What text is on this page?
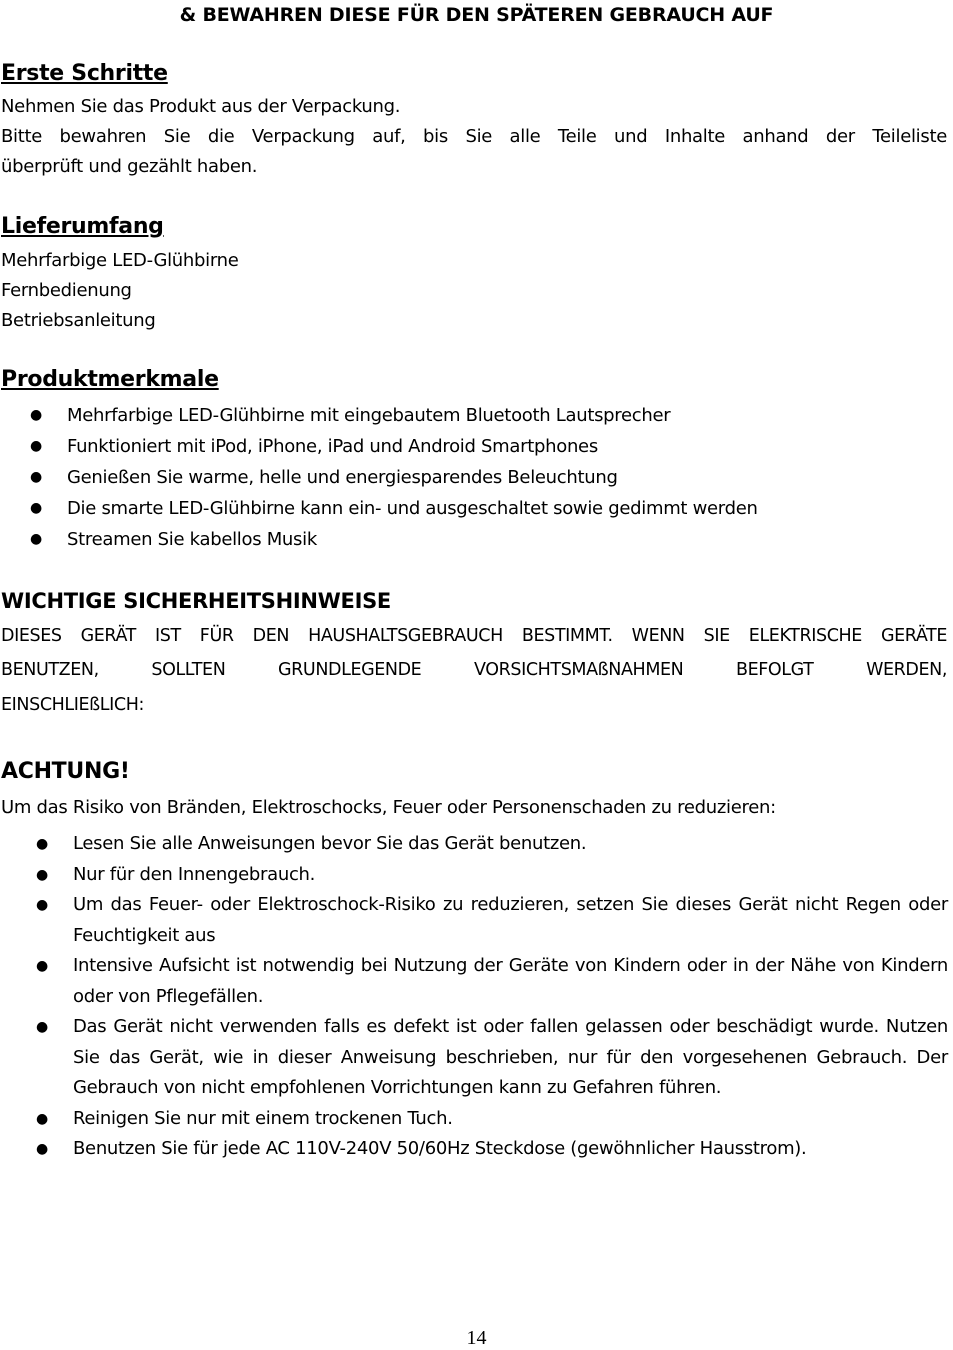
& BEWAHREN DIESE FÜR DEN SPÄTEREN GEBRAUCH AUF
Erste Schritte
Nehmen Sie das Produkt aus der Verpackung.
Bitte bewahren Sie die Verpackung auf, bis Sie alle Teile und Inhalte anhand der Teileliste
überprüft und gezählt haben.
Lieferumfang
Mehrfarbige LED-Glühbirne
Fernbedienung
Betriebsanleitung
Produktmerkmale
● Mehrfarbige LED-Glühbirne mit eingebautem Bluetooth Lautsprecher
● Funktioniert mit iPod, iPhone, iPad und Android Smartphones
● Genießen Sie warme, helle und energiesparendes Beleuchtung
● Die smarte LED-Glühbirne kann ein- und ausgeschaltet sowie gedimmt werden
● Streamen Sie kabellos Musik
WICHTIGE SICHERHEITSHINWEISE
DIESES GERÄT IST FÜR DEN HAUSHALTSGEBRAUCH BESTIMMT. WENN SIE ELEKTRISCHE GERÄTE
BENUTZEN, SOLLTEN GRUNDLEGENDE VORSICHTSMAßNAHMEN BEFOLGT WERDEN,
EINSCHLIEßLICH:
ACHTUNG!
Um das Risiko von Bränden, Elektroschocks, Feuer oder Personenschaden zu reduzieren:
● Lesen Sie alle Anweisungen bevor Sie das Gerät benutzen.
● Nur für den Innengebrauch.
● Um das Feuer- oder Elektroschock-Risiko zu reduzieren, setzen Sie dieses Gerät nicht Regen oder Feuchtigkeit aus
● Intensive Aufsicht ist notwendig bei Nutzung der Geräte von Kindern oder in der Nähe von Kindern oder von Pflegefällen.
● Das Gerät nicht verwenden falls es defekt ist oder fallen gelassen oder beschädigt wurde. Nutzen Sie das Gerät, wie in dieser Anweisung beschrieben, nur für den vorgesehenen Gebrauch. Der Gebrauch von nicht empfohlenen Vorrichtungen kann zu Gefahren führen.
● Reinigen Sie nur mit einem trockenen Tuch.
● Benutzen Sie für jede AC 110V-240V 50/60Hz Steckdose (gewöhnlicher Hausstrom).
14
